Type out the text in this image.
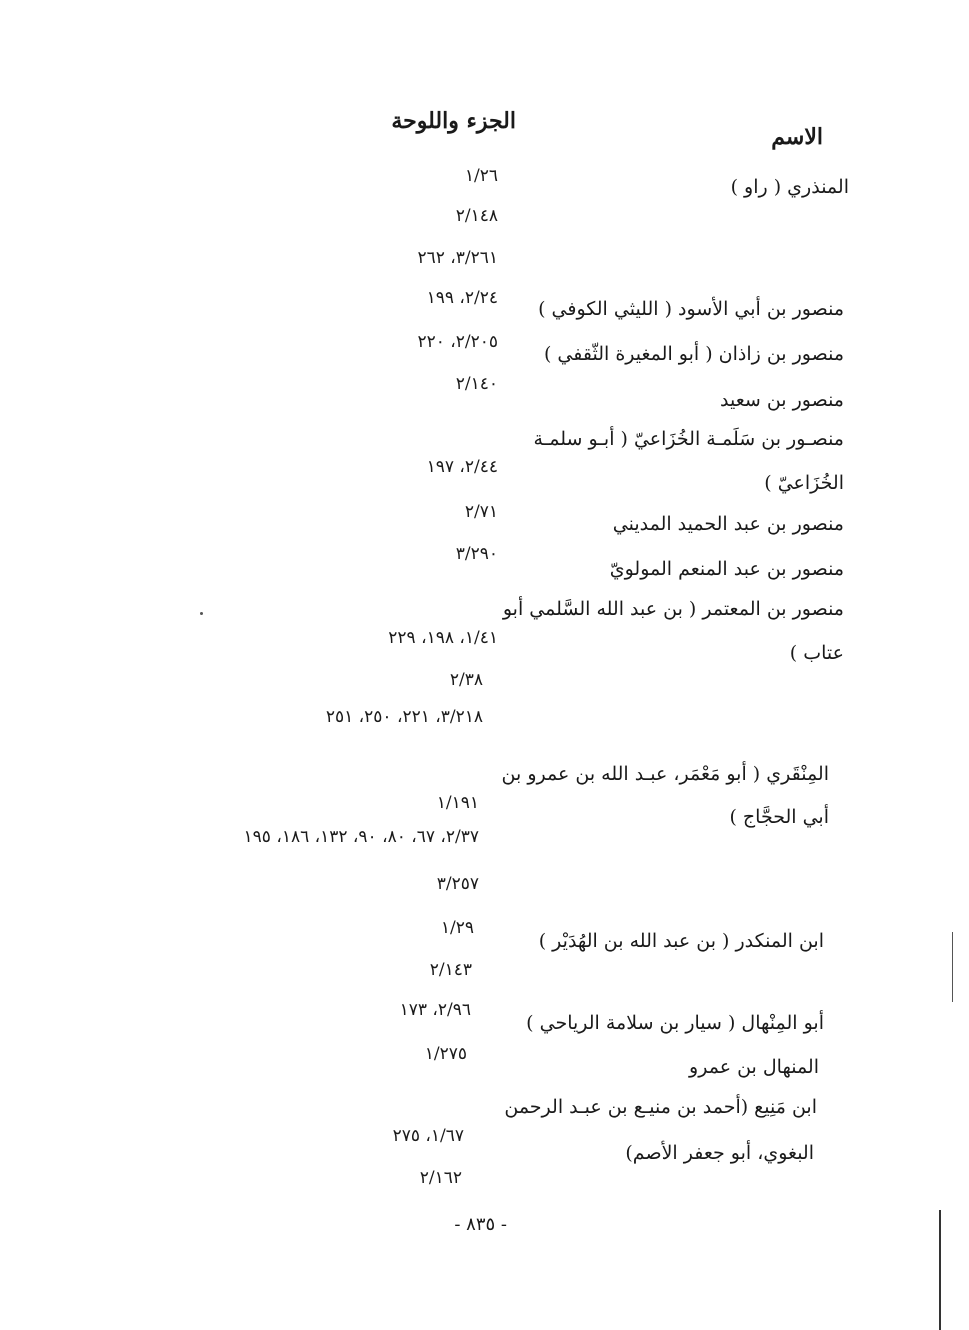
الاسم
الجزء واللوحة
المنذري ( راو )
١/٢٦
٢/١٤٨
٣/٢٦١، ٢٦٢
منصور بن أبي الأسود ( الليثي الكوفي )
٢/٢٤، ١٩٩
منصور بن زاذان ( أبو المغيرة الثّقفي )
٢/٢٠٥، ٢٢٠
منصور بن سعيد
٢/١٤٠
منصـور بن سَلَمـة الخُزَاعيّ ( أبـو سلمـة
الخُزَاعيّ )
٢/٤٤، ١٩٧
منصور بن عبد الحميد المديني
٢/٧١
منصور بن عبد المنعم المولويّ
٣/٢٩٠
منصور بن المعتمر ( بن عبد الله السَّلمي أبو
عتاب )
١/٤١، ١٩٨، ٢٢٩
٢/٣٨
٣/٢١٨، ٢٢١، ٢٥٠، ٢٥١
المِنْقَري ( أبو مَعْمَر، عبـد الله بن عمرو بن
أبي الحجَّاج )
١/١٩١
٢/٣٧، ٦٧، ٨٠، ٩٠، ١٣٢، ١٨٦، ١٩٥
٣/٢٥٧
ابن المنكدر ( بن عبد الله بن الهُدَيْر )
١/٢٩
٢/١٤٣
أبو المِنْهال ( سيار بن سلامة الرياحي )
٢/٩٦، ١٧٣
المنهال بن عمرو
١/٢٧٥
ابن مَنِيع (أحمد بن منيـع بن عبـد الرحمن
البغوي، أبو جعفر الأصم)
١/٦٧، ٢٧٥
٢/١٦٢
- ٨٣٥ -
